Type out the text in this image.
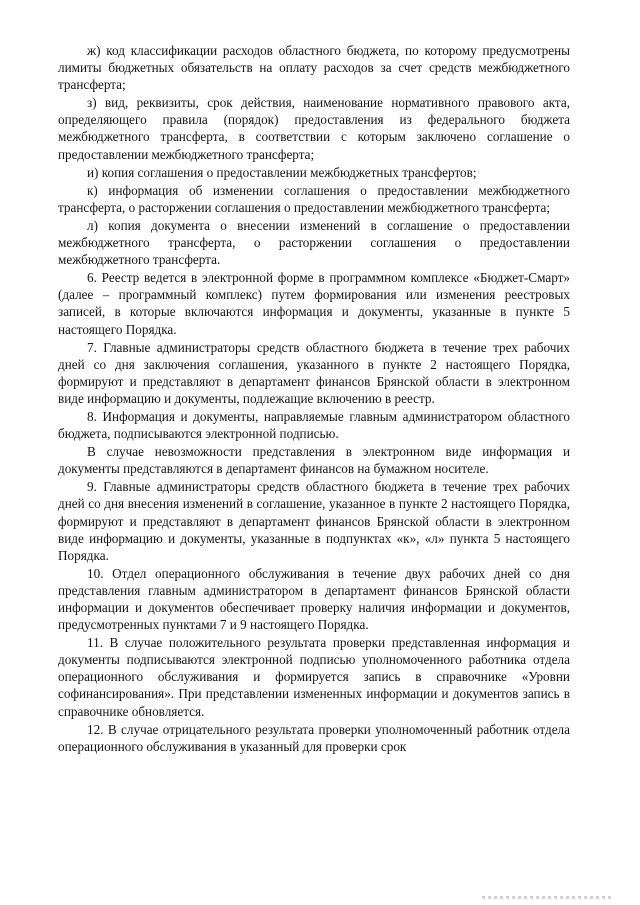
ж) код классификации расходов областного бюджета, по которому предусмотрены лимиты бюджетных обязательств на оплату расходов за счет средств межбюджетного трансферта;

з) вид, реквизиты, срок действия, наименование нормативного правового акта, определяющего правила (порядок) предоставления из федерального бюджета межбюджетного трансферта, в соответствии с которым заключено соглашение о предоставлении межбюджетного трансферта;

и) копия соглашения о предоставлении межбюджетных трансфертов;

к) информация об изменении соглашения о предоставлении межбюджетного трансферта, о расторжении соглашения о предоставлении межбюджетного трансферта;

л) копия документа о внесении изменений в соглашение о предоставлении межбюджетного трансферта, о расторжении соглашения о предоставлении межбюджетного трансферта.

6. Реестр ведется в электронной форме в программном комплексе «Бюджет-Смарт» (далее – программный комплекс) путем формирования или изменения реестровых записей, в которые включаются информация и документы, указанные в пункте 5 настоящего Порядка.

7. Главные администраторы средств областного бюджета в течение трех рабочих дней со дня заключения соглашения, указанного в пункте 2 настоящего Порядка, формируют и представляют в департамент финансов Брянской области в электронном виде информацию и документы, подлежащие включению в реестр.

8. Информация и документы, направляемые главным администратором областного бюджета, подписываются электронной подписью.

В случае невозможности представления в электронном виде информация и документы представляются в департамент финансов на бумажном носителе.

9. Главные администраторы средств областного бюджета в течение трех рабочих дней со дня внесения изменений в соглашение, указанное в пункте 2 настоящего Порядка, формируют и представляют в департамент финансов Брянской области в электронном виде информацию и документы, указанные в подпунктах «к», «л» пункта 5 настоящего Порядка.

10. Отдел операционного обслуживания в течение двух рабочих дней со дня представления главным администратором в департамент финансов Брянской области информации и документов обеспечивает проверку наличия информации и документов, предусмотренных пунктами 7 и 9 настоящего Порядка.

11. В случае положительного результата проверки представленная информация и документы подписываются электронной подписью уполномоченного работника отдела операционного обслуживания и формируется запись в справочнике «Уровни софинансирования». При представлении измененных информации и документов запись в справочнике обновляется.

12. В случае отрицательного результата проверки уполномоченный работник отдела операционного обслуживания в указанный для проверки срок
